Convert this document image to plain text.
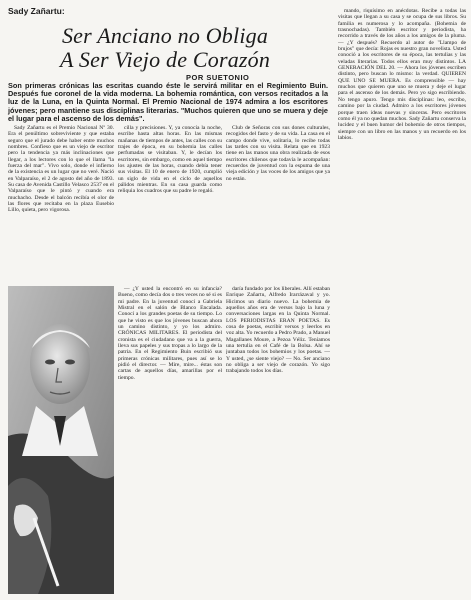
Sady Zañartu:
Ser Anciano no Obliga
A Ser Viejo de Corazón
POR SUETONIO
Son primeras crónicas las escritas cuando éste le servirá militar en el Regimiento Buin. Después fue coronel de la vida moderna. La bohemia romántica, con versos recitados a la luz de la Luna, en la Quinta Normal. El Premio Nacional de 1974 admira a los escritores jóvenes; pero mantiene sus disciplinas literarias. "Muchos quieren que uno se muera y deje el lugar para el ascenso de los demás".

Sady Zañartu es el Premio Nacional Nº 30. Era el penúltimo sobreviviente y que estaba seguro que el jurado debe haber entre muchos nombres. Confieso que es un viejo de escritor pero la tendencia ya más inclinaciones que llegar, a los lectores con lo que el llama "la fuerza del mar". Vivo solo, donde el infierno de la existencia es un lugar que no veré. Nació en Valparaíso, el 2 de agosto del año de 1893. Su casa de Avenida Castillo Velasco 2537 en el Valparaíso que le pintó y cuando era muchacho. Desde el balcón recibía el olor de las flores que recitaba en la plaza Eusebio Lillo, quieta, pero vigorosa.

cilla y precisiones. Y, ya conocía la noche, escribe hasta altas horas. En las mismas mañanas de tiempos de antes, las calles con su trajes de época, en su bohemia las calles perfumadas se visitaban. Y, le decían los escritores, sin embargo, como en aquel tiempo los ajustes de las horas, cuando debía tener sus visitas. El 10 de enero de 1920, cumplió un siglo de vida en el ciclo de aquellos pálidos mientras. En su casa guarda como reliquia los cuadros que su padre le regaló.

Club de Señoras con sus dones culturales, recogidos del fasto y de su vida. La casa en el campo donde vive, solitaria, lo recibe todas las tardes con su visita. Relata que en 1923 tiene en las manos una obra realizada de esos escritores chilenos que todavía le acompañan: recuerdos de juventud con la espuma de una vieja edición y las voces de los amigos que ya no están.

— ¿Y usted la encontró en su infancia? Bueno, como decía dos o tres veces no sé si es mi padre. En la juventud conocí a Gabriela Mistral en el salón de Blanco Encalada. Conocí a los grandes poetas de su tiempo. Lo que he visto es que los jóvenes buscan ahora un camino distinto, y yo los admiro. CRÓNICAS MILITARES. El periodista del cronista es el ciudadano que va a la guerra, lleva sus papeles y sus tropas a lo largo de la patria. En el Regimiento Buin escribió sus primeras crónicas militares, pues así se lo pidió el director. — Mire, mire... éstas son cartas de aquellos días, amarillas por el tiempo.

daría fundado por los liberales. Allí estaban Enrique Zañartu, Alfredo Irarrázaval y yo. Hicimos un diario nuevo. La bohemia de aquellos años era de versos bajo la luna y conversaciones largas en la Quinta Normal. LOS PERIODISTAS ERAN POETAS. Es cosa de poetas, escribir versos y leerlos en voz alta. Yo recuerdo a Pedro Prado, a Manuel Magallanes Moure, a Pezoa Véliz. Teníamos una tertulia en el Café de la Bolsa. Ahí se juntaban todos los bohemios y los poetas. — Y usted, ¿se siente viejo? — No. Ser anciano no obliga a ser viejo de corazón. Yo sigo trabajando todos los días.

mando, riquísimo en anécdotas. Recibe a todas las visitas que llegan a su casa y se ocupa de sus libros. Su familia es numerosa y lo acompaña. (Bohemia de trasnochadas). También escritor y periodista, ha recorrido a través de los años a los amigos de la pluma. — ¿Y después? Recuerdo al autor de "Llampo de brujos" que decía: Rojas es nuestro gran novelista. Usted conoció a los escritores de su época, las tertulias y las veladas literarias. Todos ellos eran muy distintos. LA GENERACIÓN DEL 20. — Ahora los jóvenes escriben distinto, pero buscan lo mismo: la verdad. QUIEREN QUE UNO SE MUERA. Es comprensible — hay muchos que quieren que uno se muera y deje el lugar para el ascenso de los demás. Pero yo sigo escribiendo. No tengo apuro. Tengo mis disciplinas: leo, escribo, camino por la ciudad. Admiro a los escritores jóvenes porque traen ideas nuevas y sinceras. Pero escritores como él ya no quedan muchos. Sady Zañartu conserva la lucidez y el buen humor del bohemio de otros tiempos, siempre con un libro en las manos y un recuerdo en los labios.
